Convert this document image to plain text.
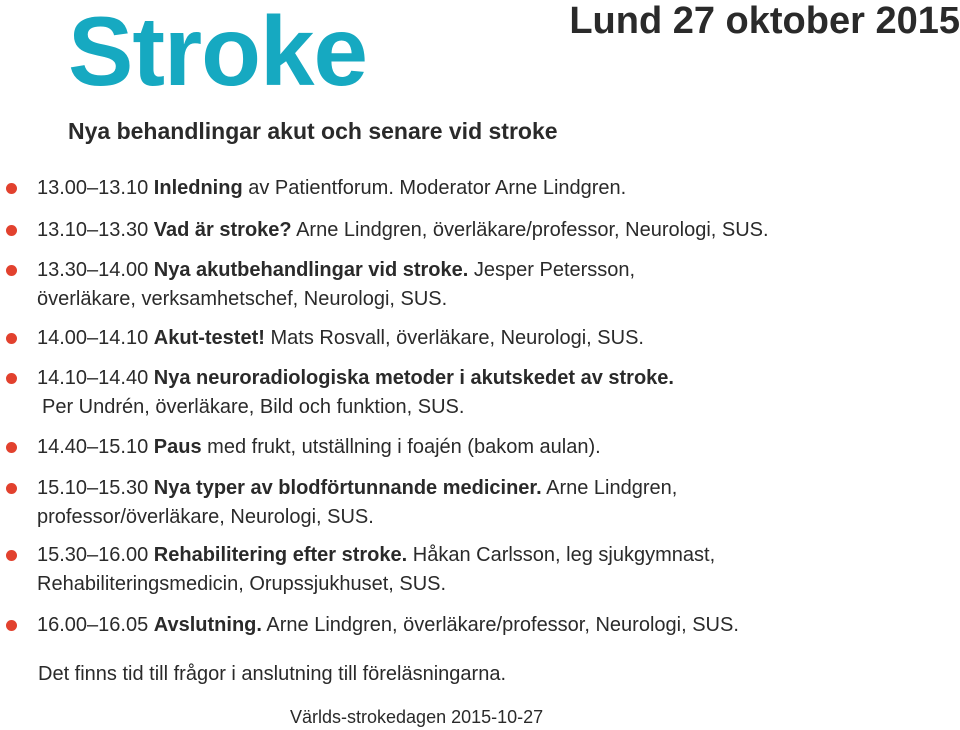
Stroke	Lund 27 oktober 2015
Nya behandlingar akut och senare vid stroke
13.00–13.10 Inledning av Patientforum. Moderator Arne Lindgren.
13.10–13.30 Vad är stroke? Arne Lindgren, överläkare/professor, Neurologi, SUS.
13.30–14.00 Nya akutbehandlingar vid stroke. Jesper Petersson,
överläkare, verksamhetschef, Neurologi, SUS.
14.00–14.10 Akut-testet! Mats Rosvall, överläkare, Neurologi, SUS.
14.10–14.40 Nya neuroradiologiska metoder i akutskedet av stroke.
Per Undrén, överläkare, Bild och funktion, SUS.
14.40–15.10 Paus med frukt, utställning i foajén (bakom aulan).
15.10–15.30 Nya typer av blodförtunnande mediciner. Arne Lindgren,
professor/överläkare, Neurologi, SUS.
15.30–16.00 Rehabilitering efter stroke. Håkan Carlsson, leg sjukgymnast,
Rehabiliteringsmedicin, Orupssjukhuset, SUS.
16.00–16.05 Avslutning. Arne Lindgren, överläkare/professor, Neurologi, SUS.
Det finns tid till frågor i anslutning till föreläsningarna.
Världs-strokedagen 2015-10-27
